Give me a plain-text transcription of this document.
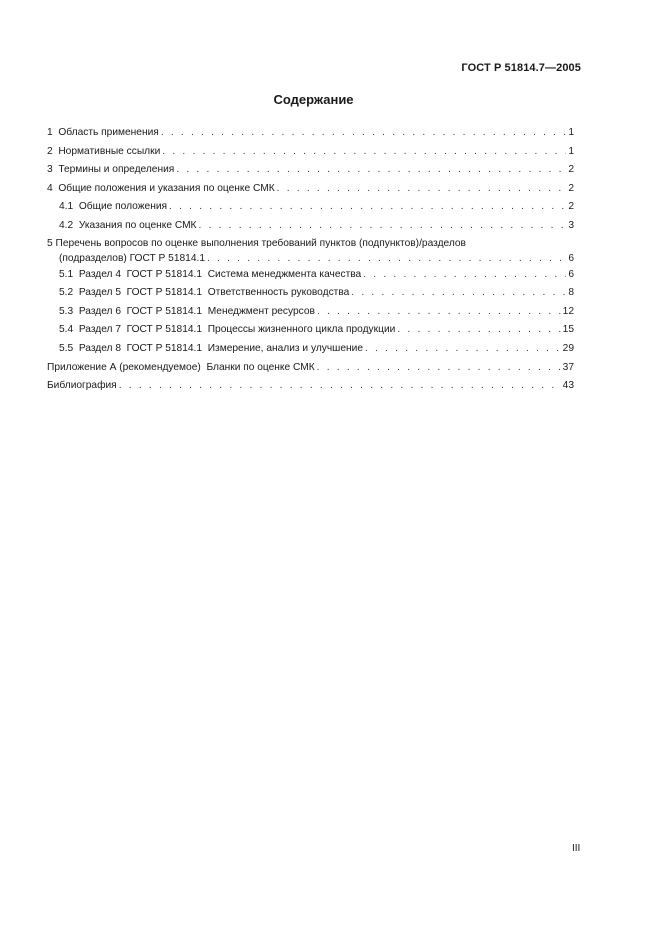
ГОСТ Р 51814.7—2005
Содержание
1  Область применения . . .	1
2  Нормативные ссылки . . .	1
3  Термины и определения . . .	2
4  Общие положения и указания по оценке СМК . . .	2
4.1  Общие положения . . .	2
4.2  Указания по оценке СМК . . .	3
5 Перечень вопросов по оценке выполнения требований пунктов (подпунктов)/разделов
(подразделов) ГОСТ Р 51814.1 . . .	6
5.1  Раздел 4  ГОСТ Р 51814.1  Система менеджмента качества . . .	6
5.2  Раздел 5  ГОСТ Р 51814.1  Ответственность руководства . . .	8
5.3  Раздел 6  ГОСТ Р 51814.1  Менеджмент ресурсов . . .	12
5.4  Раздел 7  ГОСТ Р 51814.1  Процессы жизненного цикла продукции . . .	15
5.5  Раздел 8  ГОСТ Р 51814.1  Измерение, анализ и улучшение . . .	29
Приложение А (рекомендуемое)  Бланки по оценке СМК . . .	37
Библиография . . .	43
III
